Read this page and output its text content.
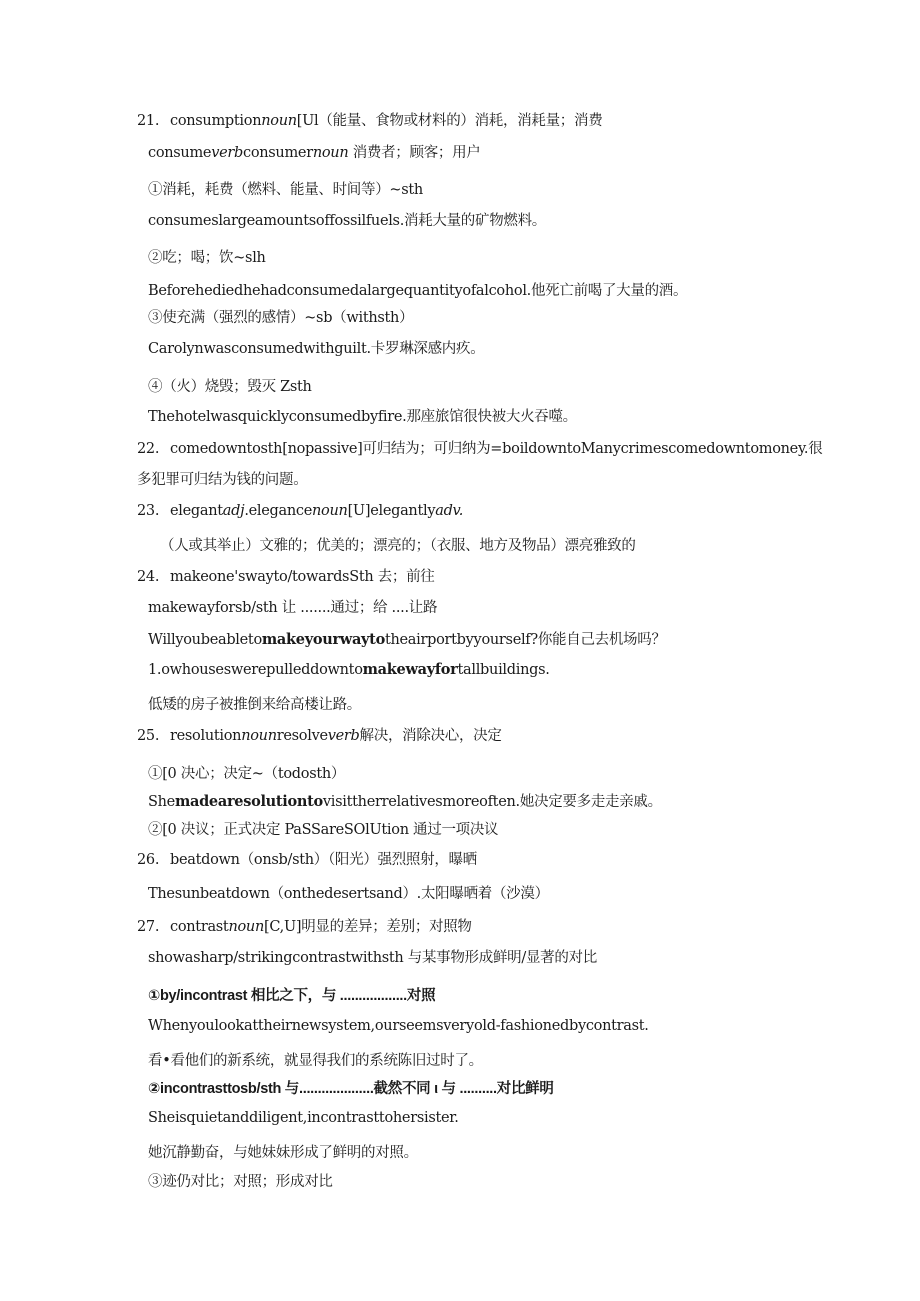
21. consumptionnoun[Ul（能量、食物或材料的）消耗，消耗量；消费
consumeverbconsumernoun 消费者；顾客；用户
①消耗，耗费（燃料、能量、时间等）~sth
consumeslargeamountsoffossilfuels.消耗大量的矿物燃料。
②吃；喝；饮~slh
Beforehediedhehadconsumedalargequantityofalcohol.他死亡前喝了大量的酒。
③使充满（强烈的感情）~sb（withsth）
Carolynwasconsumedwithguilt.卡罗琳深感内疚。
④（火）烧毁；毁灭 Zsth
Thehotelwasquicklyconsumedbyfire.那座旅馆很快被大火吞噬。
22. comedowntosth[nopassive]可归结为；可归纳为=boildowntoManycrimescomedowntomoney.很
多犯罪可归结为钱的问题。
23. elegantadj.elegancenoun[U]elegantlyadv.
（人或其举止）文雅的；优美的；漂亮的；（衣服、地方及物品）漂亮雅致的
24. makeone'swayto/towardsSth 去；前往
makewayforsb/sth 让 .......通过；给 ....让路
Willyoubeabletomakeyourwaytotheairportbyyourself?你能自己去机场吗？
1.owhouseswerepulleddowntomakewayfortallbuildings.
低矮的房子被推倒来给高楼让路。
25. resolutionnounresolveverb解决，消除决心，决定
①[0 决心；决定~（todosth）
Shemadearesolutiontovisittherrelativesmoreoften.她决定要多走走亲戚。
②[0 决议；正式决定 PaSSareSOlUtion 通过一项决议
26. beatdown（onsb/sth）（阳光）强烈照射，曝晒
Thesunbeatdown（onthedesertsand）.太阳曝晒着（沙漠）
27. contrastnoun[C,U]明显的差异；差别；对照物
showasharp/strikingcontrastwithsth 与某事物形成鲜明/显著的对比
①by/incontrast 相比之下，与 ..................对照
Whenyoulookattheirnewsystem,ourseemsveryold-fashionedbycontrast.
看•看他们的新系统，就显得我们的系统陈旧过时了。
②incontrasttosb/sth 与....................截然不同 ι 与 ..........对比鲜明
Sheisquietanddiligent,incontrasttohersister.
她沉静勤奋，与她妹妹形成了鲜明的对照。
③迹仍对比；对照；形成对比
